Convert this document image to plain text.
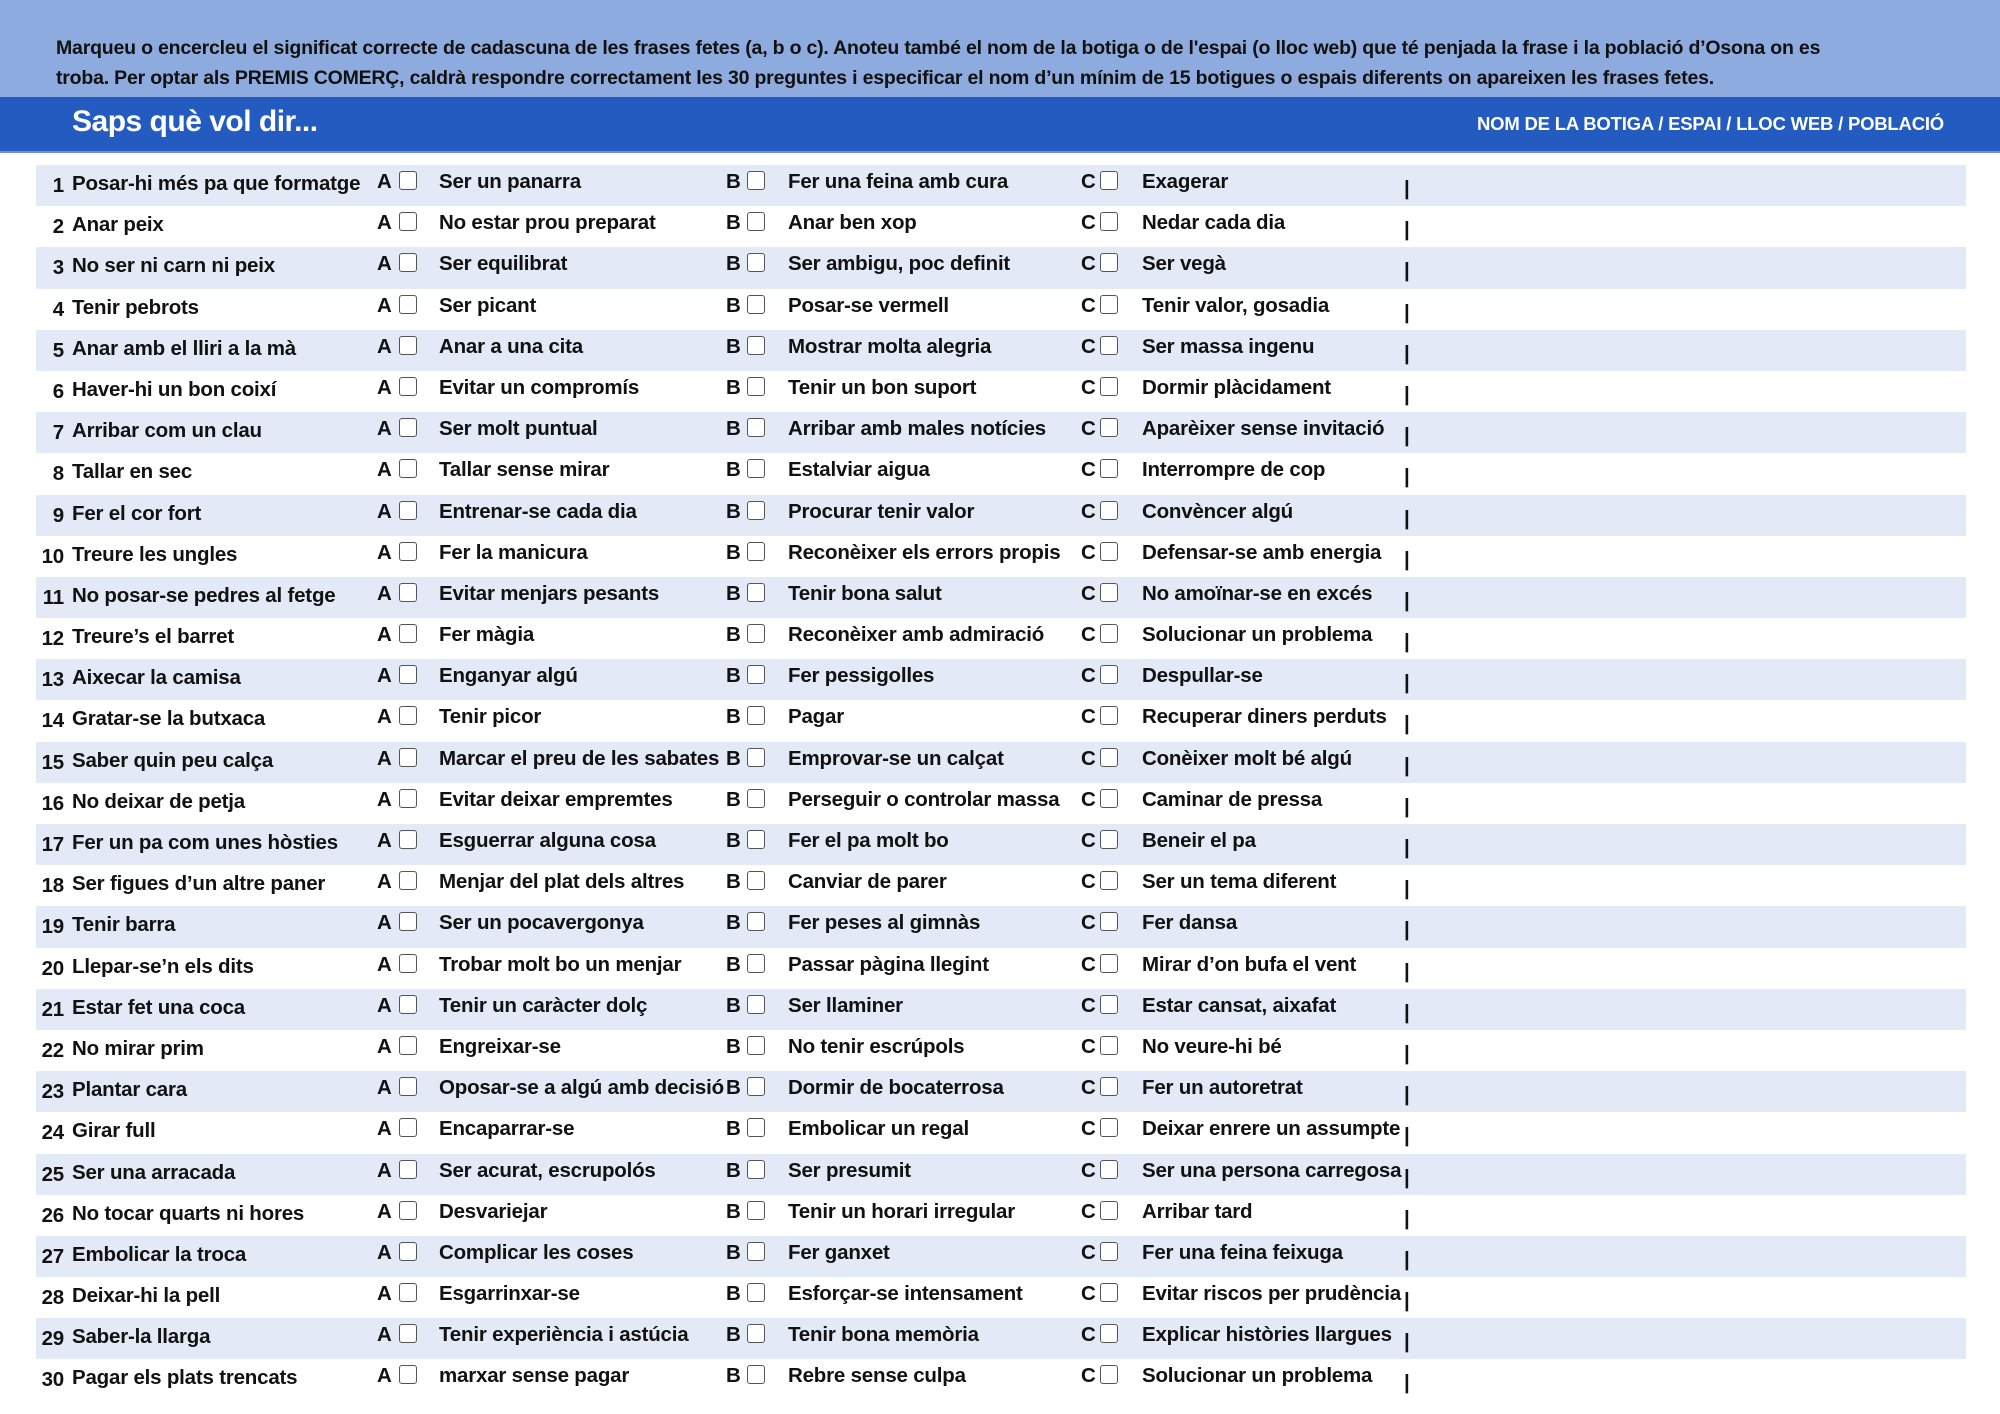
Marqueu o encercleu el significat correcte de cadascuna de les frases fetes (a, b o c). Anoteu també el nom de la botiga o de l'espai (o lloc web) que té penjada la frase i la població d’Osona on es

troba. Per optar als PREMIS COMERÇ, caldrà respondre correctament les 30 preguntes i especificar el nom d’un mínim de 15 botigues o espais diferents on apareixen les frases fetes.

Saps què vol dir...	NOM DE LA BOTIGA / ESPAI / LLOC WEB / POBLACIÓ
1 Posar-hi més pa que formatge A Ser un panarra	B Fer una feina amb cura	C Exagerar	|
2 Anar peix	A No estar prou preparat	B Anar ben xop	C Nedar cada dia	|
3 No ser ni carn ni peix	A Ser equilibrat	B Ser ambigu, poc definit	C Ser vegà	|
4 Tenir pebrots	A Ser picant	B Posar-se vermell	C Tenir valor, gosadia	|
5 Anar amb el lliri a la mà	A Anar a una cita	B Mostrar molta alegria	C Ser massa ingenu	|
6 Haver-hi un bon coixí	A Evitar un compromís	B Tenir un bon suport	C Dormir plàcidament	|
7 Arribar com un clau	A Ser molt puntual	B Arribar amb males notícies C Aparèixer sense invitació |
8 Tallar en sec	A Tallar sense mirar	B Estalviar aigua	C Interrompre de cop	|
9 Fer el cor fort	A Entrenar-se cada dia	B Procurar tenir valor	C Convèncer algú	|
10 Treure les ungles	A Fer la manicura	B Reconèixer els errors propis C Defensar-se amb energia |
11 No posar-se pedres al fetge A Evitar menjars pesants	B Tenir bona salut	C No amoïnar-se en excés |
12 Treure’s el barret	A Fer màgia	B Reconèixer amb admiració C Solucionar un problema |
13 Aixecar la camisa	A Enganyar algú	B Fer pessigolles	C Despullar-se	|
14 Gratar-se la butxaca	A Tenir picor	B Pagar	C Recuperar diners perduts |
15 Saber quin peu calça	A Marcar el preu de les sabates B Emprovar-se un calçat	C Conèixer molt bé algú	|
16 No deixar de petja	A Evitar deixar empremtes	B Perseguir o controlar massa C Caminar de pressa	|
17 Fer un pa com unes hòsties A Esguerrar alguna cosa	B Fer el pa molt bo	C Beneir el pa	|
18 Ser figues d’un altre paner	A Menjar del plat dels altres B Canviar de parer	C Ser un tema diferent	|
19 Tenir barra	A Ser un pocavergonya	B Fer peses al gimnàs	C Fer dansa	|
20 Llepar-se’n els dits	A Trobar molt bo un menjar B Passar pàgina llegint	C Mirar d’on bufa el vent |
21 Estar fet una coca	A Tenir un caràcter dolç	B Ser llaminer	C Estar cansat, aixafat	|
22 No mirar prim	A Engreixar-se	B No tenir escrúpols	C No veure-hi bé	|
23 Plantar cara	A Oposar-se a algú amb decisió B Dormir de bocaterrosa	C Fer un autoretrat	|
24 Girar full	A Encaparrar-se	B Embolicar un regal	C Deixar enrere un assumpte |
25 Ser una arracada	A Ser acurat, escrupolós	B Ser presumit	C Ser una persona carregosa |
26 No tocar quarts ni hores	A Desvariejar	B Tenir un horari irregular	C Arribar tard	|
27 Embolicar la troca	A Complicar les coses	B Fer ganxet	C Fer una feina feixuga	|
28 Deixar-hi la pell	A Esgarrinxar-se	B Esforçar-se intensament	C Evitar riscos per prudència |
29 Saber-la llarga	A Tenir experiència i astúcia B Tenir bona memòria	C Explicar històries llargues |
30 Pagar els plats trencats	A marxar sense pagar	B Rebre sense culpa	C Solucionar un problema |
